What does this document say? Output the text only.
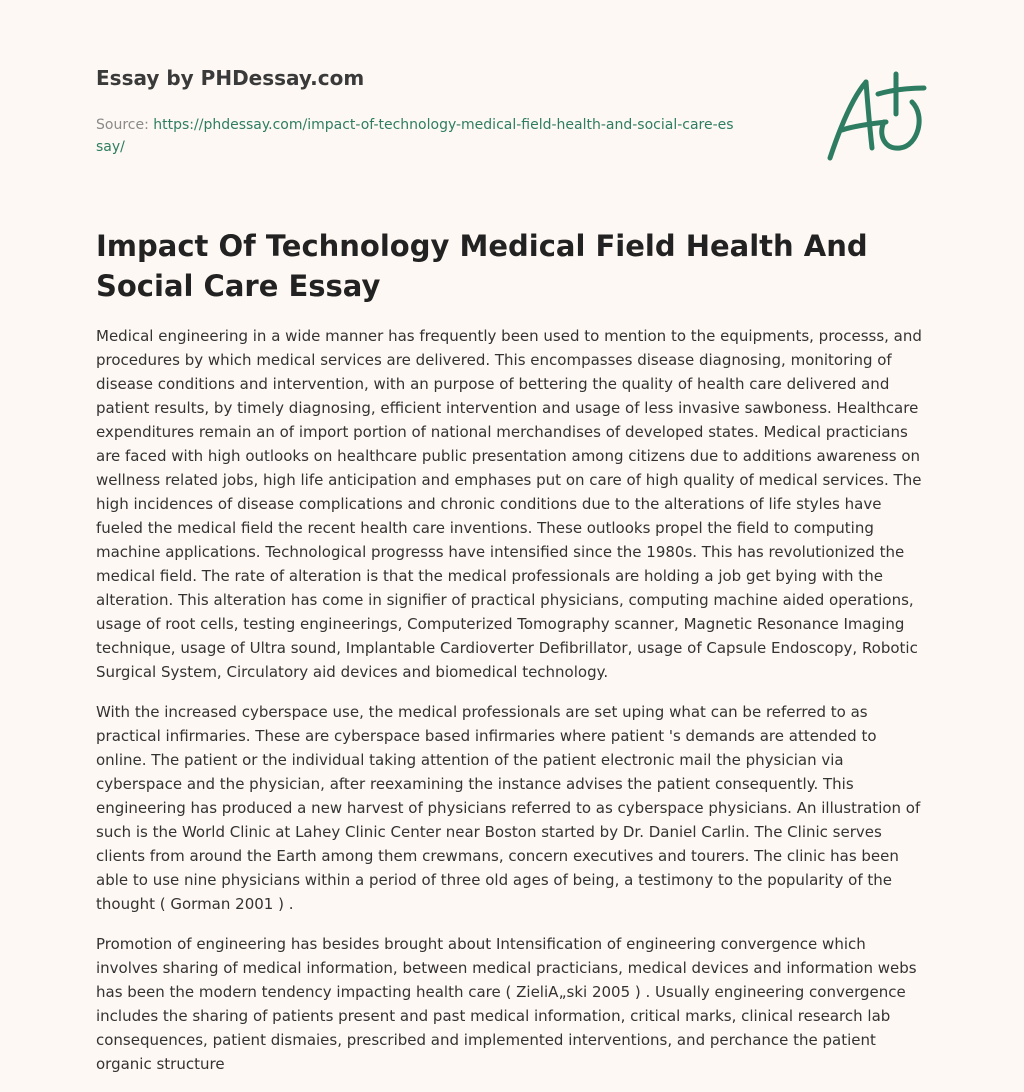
Essay by PHDessay.com
Source: https://phdessay.com/impact-of-technology-medical-field-health-and-social-care-essay/
Impact Of Technology Medical Field Health And Social Care Essay

Medical engineering in a wide manner has frequently been used to mention to the equipments, processs, and procedures by which medical services are delivered. This encompasses disease diagnosing, monitoring of disease conditions and intervention, with an purpose of bettering the quality of health care delivered and patient results, by timely diagnosing, efficient intervention and usage of less invasive sawboness. Healthcare expenditures remain an of import portion of national merchandises of developed states. Medical practicians are faced with high outlooks on healthcare public presentation among citizens due to additions awareness on wellness related jobs, high life anticipation and emphases put on care of high quality of medical services. The high incidences of disease complications and chronic conditions due to the alterations of life styles have fueled the medical field the recent health care inventions. These outlooks propel the field to computing machine applications. Technological progresss have intensified since the 1980s. This has revolutionized the medical field. The rate of alteration is that the medical professionals are holding a job get bying with the alteration. This alteration has come in signifier of practical physicians, computing machine aided operations, usage of root cells, testing engineerings, Computerized Tomography scanner, Magnetic Resonance Imaging technique, usage of Ultra sound, Implantable Cardioverter Defibrillator, usage of Capsule Endoscopy, Robotic Surgical System, Circulatory aid devices and biomedical technology.

With the increased cyberspace use, the medical professionals are set uping what can be referred to as practical infirmaries. These are cyberspace based infirmaries where patient 's demands are attended to online. The patient or the individual taking attention of the patient electronic mail the physician via cyberspace and the physician, after reexamining the instance advises the patient consequently. This engineering has produced a new harvest of physicians referred to as cyberspace physicians. An illustration of such is the World Clinic at Lahey Clinic Center near Boston started by Dr. Daniel Carlin. The Clinic serves clients from around the Earth among them crewmans, concern executives and tourers. The clinic has been able to use nine physicians within a period of three old ages of being, a testimony to the popularity of the thought ( Gorman 2001 ) .

Promotion of engineering has besides brought about Intensification of engineering convergence which involves sharing of medical information, between medical practicians, medical devices and information webs has been the modern tendency impacting health care ( ZieliA„ski 2005 ) . Usually engineering convergence includes the sharing of patients present and past medical information, critical marks, clinical research lab consequences, patient dismaies, prescribed and implemented interventions, and perchance the patient organic structure
